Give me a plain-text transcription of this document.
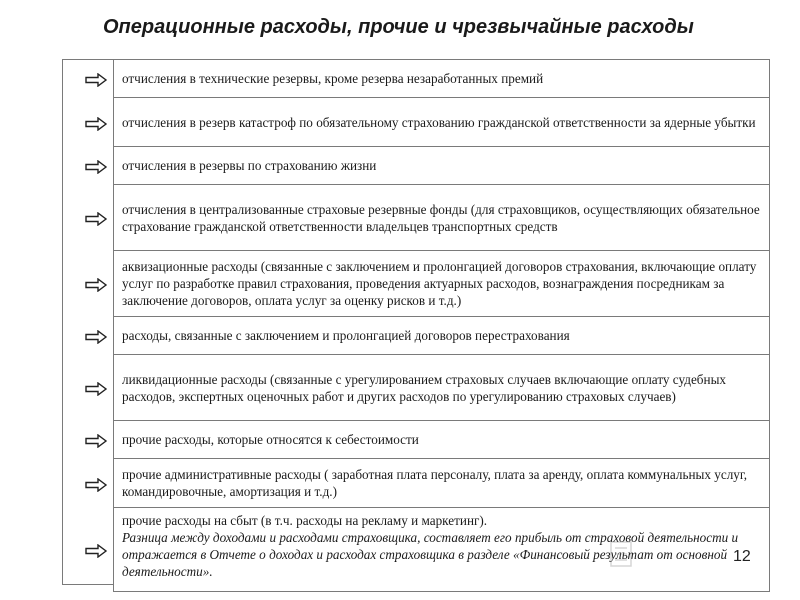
Операционные расходы, прочие и чрезвычайные расходы
отчисления в технические резервы, кроме резерва незаработанных премий
отчисления в резерв катастроф по обязательному страхованию гражданской ответственности за ядерные убытки
отчисления в резервы по страхованию жизни
отчисления в централизованные страховые резервные фонды (для страховщиков, осуществляющих обязательное страхование гражданской ответственности владельцев транспортных средств
аквизационные расходы (связанные с заключением и пролонгацией договоров страхования, включающие оплату услуг по разработке правил страхования, проведения актуарных расходов, вознаграждения посредникам за заключение договоров, оплата услуг за оценку рисков и т.д.)
расходы, связанные с заключением и пролонгацией договоров перестрахования
ликвидационные расходы (связанные с урегулированием страховых случаев включающие оплату судебных расходов, экспертных оценочных работ и других расходов по урегулированию страховых случаев)
прочие расходы, которые относятся к себестоимости
прочие административные расходы ( заработная плата персоналу, плата за аренду, оплата коммунальных услуг, командировочные, амортизация и т.д.)
прочие расходы на сбыт (в т.ч. расходы на рекламу и маркетинг).
Разница между доходами и расходами страховщика, составляет его прибыль от страховой деятельности и отражается в Отчете о доходах и расходах страховщика в разделе «Финансовый результат от основной деятельности».
12
